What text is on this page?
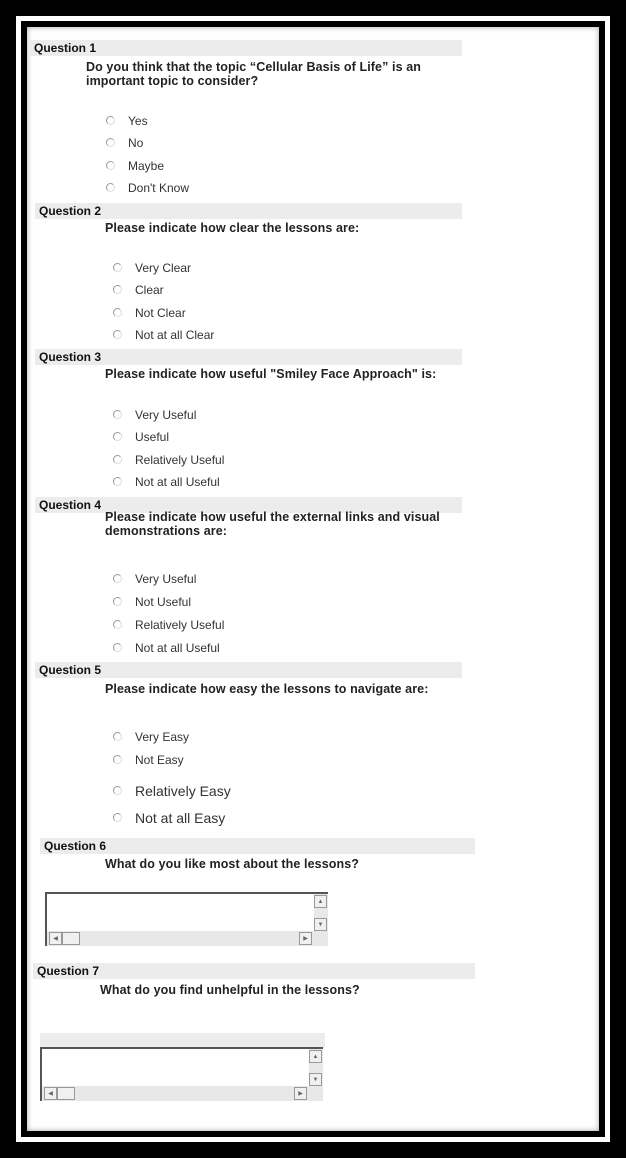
Question 1
Do you think that the topic “Cellular Basis of Life” is an important topic to consider?
Yes
No
Maybe
Don't Know
Question 2
Please indicate how clear the lessons are:
Very Clear
Clear
Not Clear
Not at all Clear
Question 3
Please indicate how useful "Smiley Face Approach" is:
Very Useful
Useful
Relatively Useful
Not at all Useful
Question 4
Please indicate how useful the external links and visual demonstrations are:
Very Useful
Not Useful
Relatively Useful
Not at all Useful
Question 5
Please indicate how easy the lessons to navigate are:
Very Easy
Not Easy
Relatively Easy
Not at all Easy
Question 6
What do you like most about the lessons?
▲
▼
◀	▶
Question 7
What do you find unhelpful in the lessons?
▲
▼
◀	▶
